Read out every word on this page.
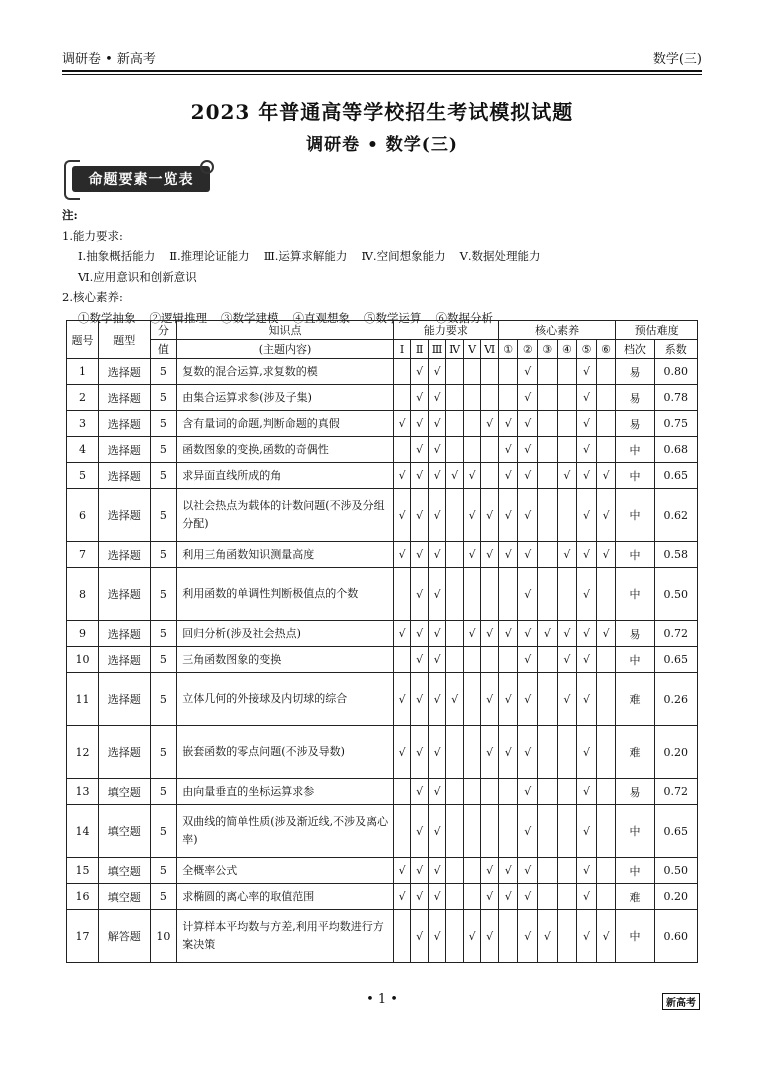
调研卷 • 新高考	数学(三)
2023 年普通高等学校招生考试模拟试题
调研卷 • 数学(三)
命题要素一览表
注:
1.能力要求:
Ⅰ.抽象概括能力 Ⅱ.推理论证能力 Ⅲ.运算求解能力 Ⅳ.空间想象能力 Ⅴ.数据处理能力
Ⅵ.应用意识和创新意识
2.核心素养:
①数学抽象 ②逻辑推理 ③数学建模 ④直观想象 ⑤数学运算 ⑥数据分析
题号	题型	分	知识点	能力要求						核心素养						预估难度	
		值	(主题内容)	Ⅰ	Ⅱ	Ⅲ	Ⅳ	Ⅴ	Ⅵ	①	②	③	④	⑤	⑥	档次	系数
1	选择题	5	复数的混合运算,求复数的模		√	√					√			√		易	0.80
2	选择题	5	由集合运算求参(涉及子集)		√	√					√			√		易	0.78
3	选择题	5	含有量词的命题,判断命题的真假	√	√	√			√	√	√			√		易	0.75
4	选择题	5	函数图象的变换,函数的奇偶性		√	√				√	√			√		中	0.68
5	选择题	5	求异面直线所成的角	√	√	√	√	√		√	√		√	√	√	中	0.65
6	选择题	5	以社会热点为载体的计数问题(不涉及分组分配)	√	√	√		√	√	√	√			√	√	中	0.62
7	选择题	5	利用三角函数知识测量高度	√	√	√		√	√	√	√		√	√	√	中	0.58
8	选择题	5	利用函数的单调性判断极值点的个数		√	√					√			√		中	0.50
9	选择题	5	回归分析(涉及社会热点)	√	√	√		√	√	√	√	√	√	√	√	易	0.72
10	选择题	5	三角函数图象的变换		√	√					√		√	√		中	0.65
11	选择题	5	立体几何的外接球及内切球的综合	√	√	√	√		√	√	√		√	√		难	0.26
12	选择题	5	嵌套函数的零点问题(不涉及导数)	√	√	√			√	√	√			√		难	0.20
13	填空题	5	由向量垂直的坐标运算求参		√	√					√			√		易	0.72
14	填空题	5	双曲线的简单性质(涉及渐近线,不涉及离心率)		√	√					√			√		中	0.65
15	填空题	5	全概率公式	√	√	√			√	√	√			√		中	0.50
16	填空题	5	求椭圆的离心率的取值范围	√	√	√			√	√	√			√		难	0.20
17	解答题	10	计算样本平均数与方差,利用平均数进行方案决策		√	√		√	√		√	√		√	√	中	0.60
• 1 •	新高考
